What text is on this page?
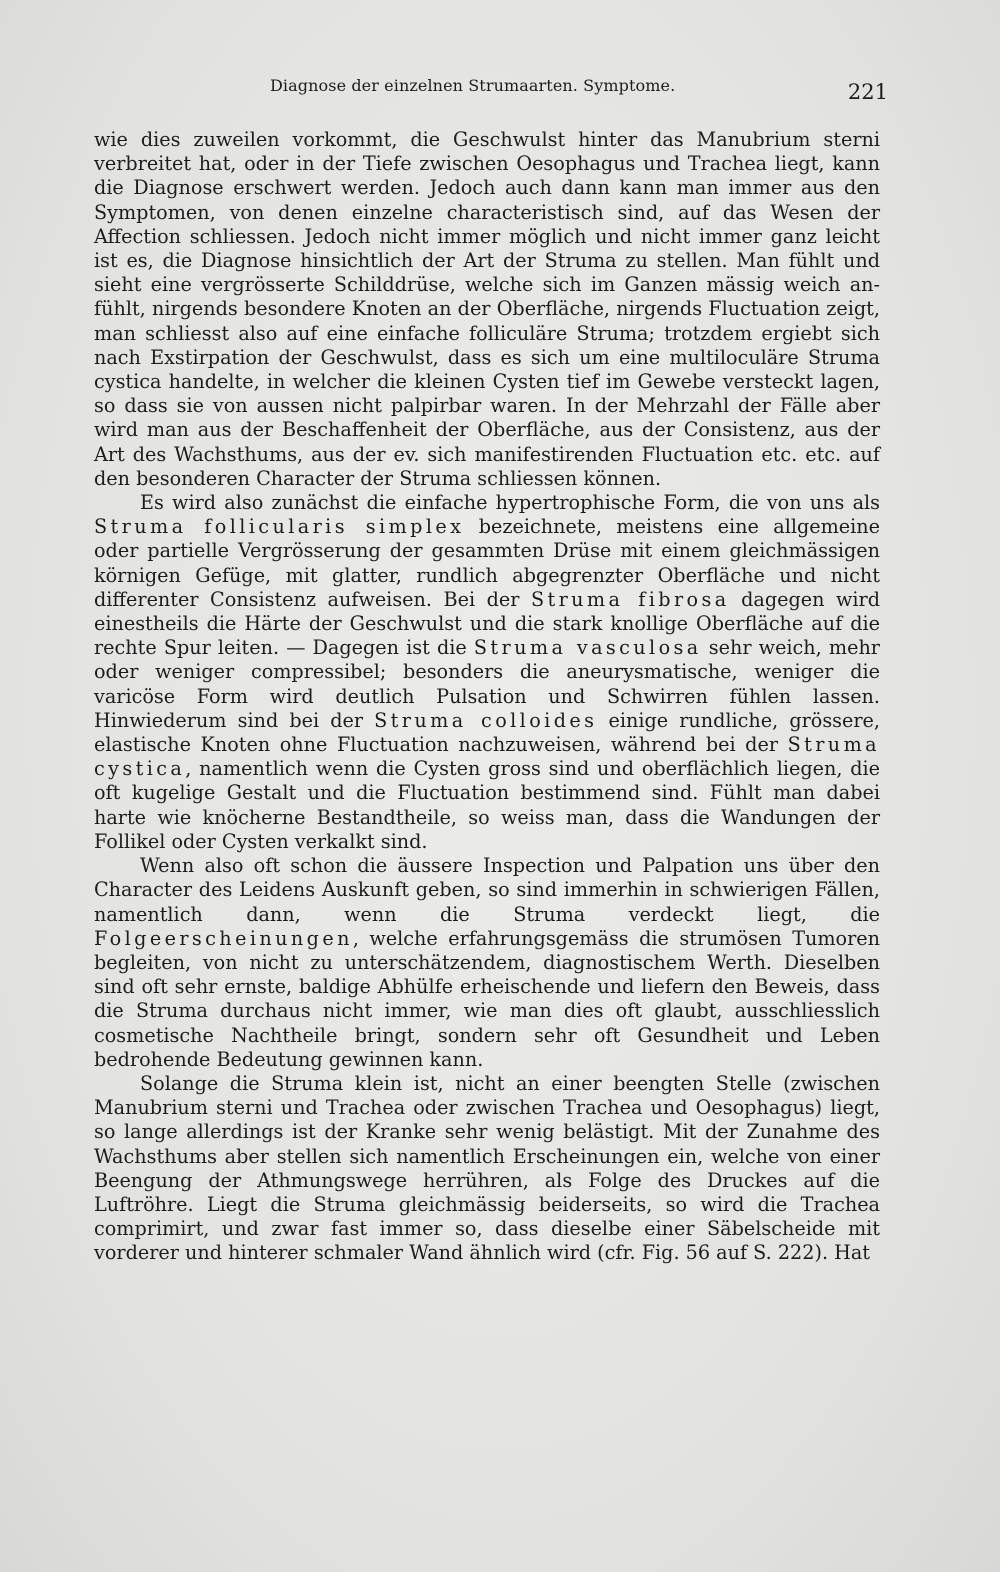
Diagnose der einzelnen Strumaarten. Symptome.	221

wie dies zuweilen vorkommt, die Geschwulst hinter das Manubrium sterni verbreitet hat, oder in der Tiefe zwischen Oesophagus und Trachea liegt, kann die Diagnose erschwert werden. Jedoch auch dann kann man immer aus den Symptomen, von denen einzelne characteristisch sind, auf das Wesen der Affection schliessen. Jedoch nicht immer möglich und nicht immer ganz leicht ist es, die Diagnose hinsichtlich der Art der Struma zu stellen. Man fühlt und sieht eine vergrösserte Schilddrüse, welche sich im Ganzen mässig weich anfühlt, nirgends besondere Knoten an der Oberfläche, nirgends Fluctuation zeigt, man schliesst also auf eine einfache folliculäre Struma; trotzdem ergiebt sich nach Exstirpation der Geschwulst, dass es sich um eine multiloculäre Struma cystica handelte, in welcher die kleinen Cysten tief im Gewebe versteckt lagen, so dass sie von aussen nicht palpirbar waren. In der Mehrzahl der Fälle aber wird man aus der Beschaffenheit der Oberfläche, aus der Consistenz, aus der Art des Wachsthums, aus der ev. sich manifestirenden Fluctuation etc. etc. auf den besonderen Character der Struma schliessen können.

Es wird also zunächst die einfache hypertrophische Form, die von uns als Struma follicularis simplex bezeichnete, meistens eine allgemeine oder partielle Vergrösserung der gesammten Drüse mit einem gleichmässigen körnigen Gefüge, mit glatter, rundlich abgegrenzter Oberfläche und nicht differenter Consistenz aufweisen. Bei der Struma fibrosa dagegen wird einestheils die Härte der Geschwulst und die stark knollige Oberfläche auf die rechte Spur leiten. — Dagegen ist die Struma vasculosa sehr weich, mehr oder weniger compressibel; besonders die aneurysmatische, weniger die varicöse Form wird deutlich Pulsation und Schwirren fühlen lassen. Hinwiederum sind bei der Struma colloides einige rundliche, grössere, elastische Knoten ohne Fluctuation nachzuweisen, während bei der Struma cystica, namentlich wenn die Cysten gross sind und oberflächlich liegen, die oft kugelige Gestalt und die Fluctuation bestimmend sind. Fühlt man dabei harte wie knöcherne Bestandtheile, so weiss man, dass die Wandungen der Follikel oder Cysten verkalkt sind.

Wenn also oft schon die äussere Inspection und Palpation uns über den Character des Leidens Auskunft geben, so sind immerhin in schwierigen Fällen, namentlich dann, wenn die Struma verdeckt liegt, die Folgeerscheinungen, welche erfahrungsgemäss die strumösen Tumoren begleiten, von nicht zu unterschätzendem, diagnostischem Werth. Dieselben sind oft sehr ernste, baldige Abhülfe erheischende und liefern den Beweis, dass die Struma durchaus nicht immer, wie man dies oft glaubt, ausschliesslich cosmetische Nachtheile bringt, sondern sehr oft Gesundheit und Leben bedrohende Bedeutung gewinnen kann.

Solange die Struma klein ist, nicht an einer beengten Stelle (zwischen Manubrium sterni und Trachea oder zwischen Trachea und Oesophagus) liegt, so lange allerdings ist der Kranke sehr wenig belästigt. Mit der Zunahme des Wachsthums aber stellen sich namentlich Erscheinungen ein, welche von einer Beengung der Athmungswege herrühren, als Folge des Druckes auf die Luftröhre. Liegt die Struma gleichmässig beiderseits, so wird die Trachea comprimirt, und zwar fast immer so, dass dieselbe einer Säbelscheide mit vorderer und hinterer schmaler Wand ähnlich wird (cfr. Fig. 56 auf S. 222). Hat
